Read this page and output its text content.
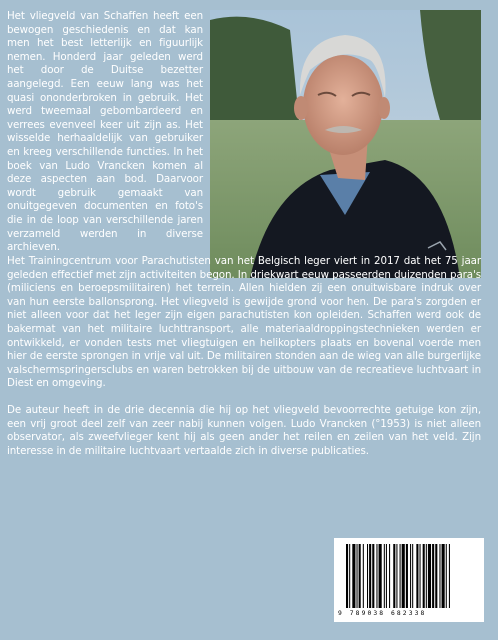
Het vliegveld van Schaffen heeft een bewogen geschiedenis en dat kan men het best letterlijk en figuurlijk nemen. Honderd jaar geleden werd het door de Duitse bezetter aangelegd. Een eeuw lang was het quasi ononderbroken in gebruik. Het werd tweemaal gebombardeerd en verrees evenveel keer uit zijn as. Het wisselde herhaaldelijk van gebruiker en kreeg verschillende functies. In het boek van Ludo Vrancken komen al deze aspecten aan bod. Daarvoor wordt gebruik gemaakt van onuitgegeven documenten en foto's die in de loop van verschillende jaren verzameld werden in diverse archieven.

Het Trainingcentrum voor Parachutisten van het Belgisch leger viert in 2017 dat het 75 jaar geleden effectief met zijn activiteiten begon. In driekwart eeuw passeerden duizenden para's (miliciens en beroepsmilitairen) het terrein. Allen hielden zij een onuitwisbare indruk over van hun eerste ballonsprong. Het vliegveld is gewijde grond voor hen. De para's zorgden er niet alleen voor dat het leger zijn eigen parachutisten kon opleiden. Schaffen werd ook de bakermat van het militaire luchttransport, alle materiaaldroppingstechnieken werden er ontwikkeld, er vonden tests met vliegtuigen en helikopters plaats en bovenal voerde men hier de eerste sprongen in vrije val uit. De militairen stonden aan de wieg van alle burgerlijke valschermspringersclubs en waren betrokken bij de uitbouw van de recreatieve luchtvaart in Diest en omgeving.

De auteur heeft in de drie decennia die hij op het vliegveld bevoorrechte getuige kon zijn, een vrij groot deel zelf van zeer nabij kunnen volgen. Ludo Vrancken (°1953) is niet alleen observator, als zweefvlieger kent hij als geen ander het reilen en zeilen van het veld. Zijn interesse in de militaire luchtvaart vertaalde zich in diverse publicaties.

9 789038 682338
